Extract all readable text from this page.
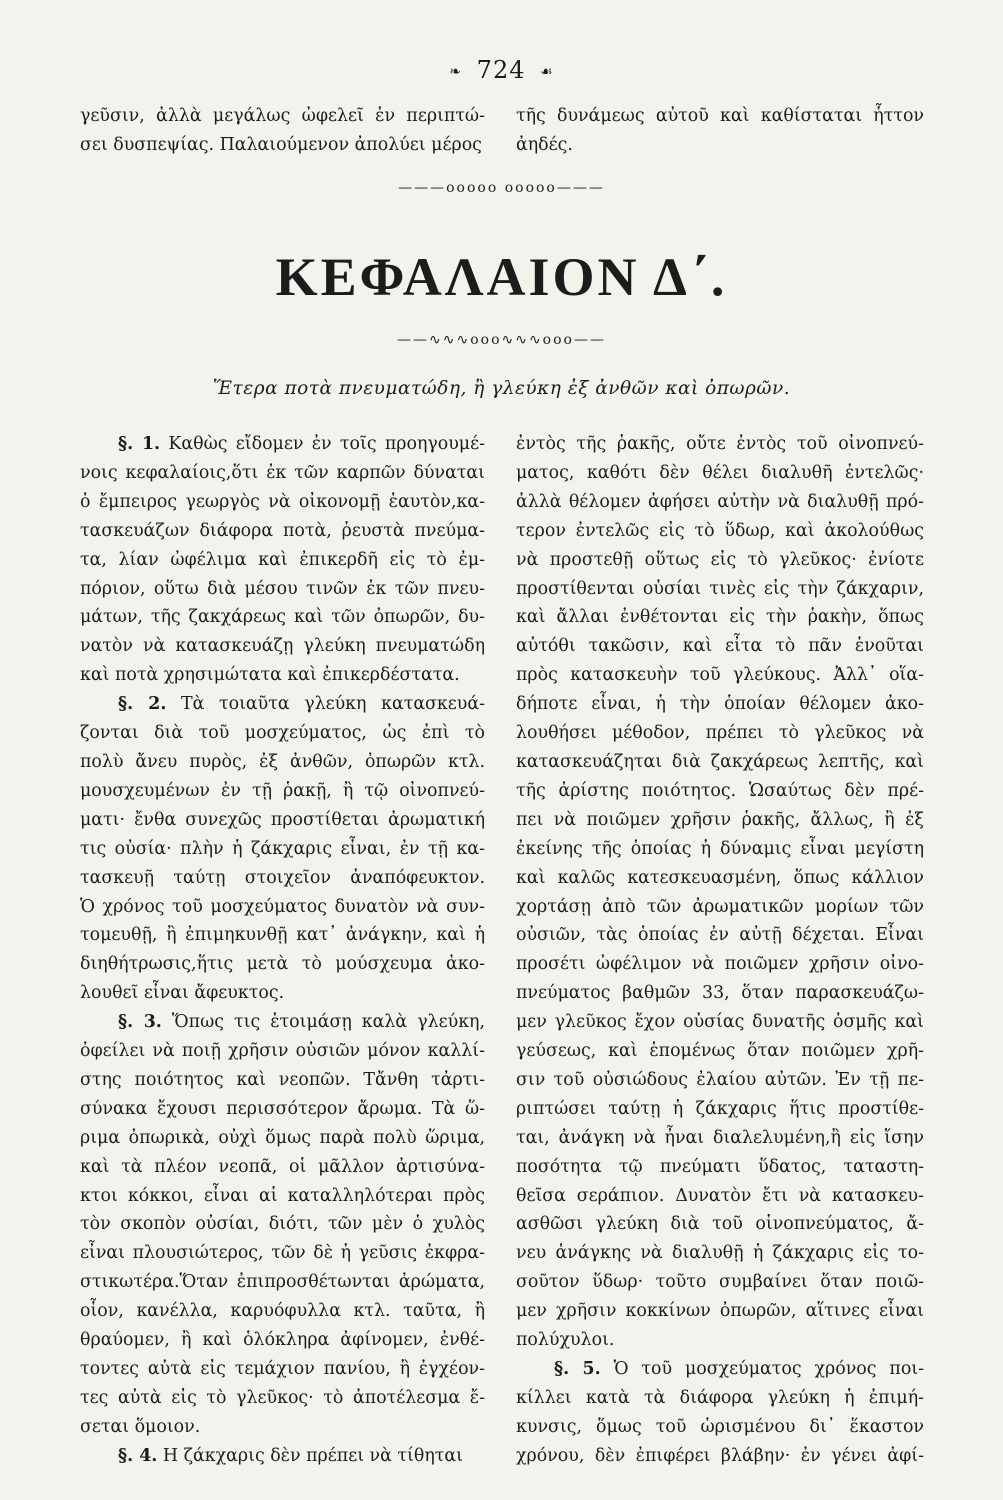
❧ 724 ☙
γεῦσιν, ἀλλὰ μεγάλως ὠφελεῖ ἐν περιπτώ-
σει δυσπεψίας. Παλαιούμενον ἀπολύει μέρος
τῆς δυνάμεως αὐτοῦ καὶ καθίσταται ἧττον
ἀηδές.
———ooooo ooooo———
ΚΕΦΑΛΑΙΟΝ Δ΄.
——∿∿∿ooo∿∿∿ooo——
Ἕτερα ποτὰ πνευματώδη, ἢ γλεύκη ἐξ ἀνθῶν καὶ ὀπωρῶν.
§. 1. Καθὼς εἴδομεν ἐν τοῖς προηγουμέ-
νοις κεφαλαίοις,ὅτι ἐκ τῶν καρπῶν δύναται
ὁ ἔμπειρος γεωργὸς νὰ οἰκονομῇ ἑαυτὸν,κα-
τασκευάζων διάφορα ποτὰ, ῥευστὰ πνεύμα-
τα, λίαν ὠφέλιμα καὶ ἐπικερδῆ εἰς τὸ ἐμ-
πόριον, οὕτω διὰ μέσου τινῶν ἐκ τῶν πνευ-
μάτων, τῆς ζακχάρεως καὶ τῶν ὀπωρῶν, δυ-
νατὸν νὰ κατασκευάζῃ γλεύκη πνευματώδη
καὶ ποτὰ χρησιμώτατα καὶ ἐπικερδέστατα.
§. 2. Τὰ τοιαῦτα γλεύκη κατασκευά-
ζονται διὰ τοῦ μοσχεύματος, ὡς ἐπὶ τὸ
πολὺ ἄνευ πυρὸς, ἐξ ἀνθῶν, ὀπωρῶν κτλ.
μουσχευμένων ἐν τῇ ῥακῇ, ἢ τῷ οἰνοπνεύ-
ματι· ἔνθα συνεχῶς προστίθεται ἀρωματική
τις οὐσία· πλὴν ἡ ζάκχαρις εἶναι, ἐν τῇ κα-
τασκευῇ ταύτῃ στοιχεῖον ἀναπόφευκτον.
Ὁ χρόνος τοῦ μοσχεύματος δυνατὸν νὰ συν-
τομευθῇ, ἢ ἐπιμηκυνθῇ κατ᾽ ἀνάγκην, καὶ ἡ
διηθήτρωσις,ἥτις μετὰ τὸ μούσχευμα ἀκο-
λουθεῖ εἶναι ἄφευκτος.
§. 3. Ὅπως τις ἑτοιμάσῃ καλὰ γλεύκη,
ὀφείλει νὰ ποιῇ χρῆσιν οὐσιῶν μόνον καλλί-
στης ποιότητος καὶ νεοπῶν. Τἄνθη τἀρτι-
σύνακα ἔχουσι περισσότερον ἄρωμα. Τὰ ὥ-
ριμα ὀπωρικὰ, οὐχὶ ὅμως παρὰ πολὺ ὥριμα,
καὶ τὰ πλέον νεοπᾶ, οἱ μᾶλλον ἀρτισύνα-
κτοι κόκκοι, εἶναι αἱ καταλληλότεραι πρὸς
τὸν σκοπὸν οὐσίαι, διότι, τῶν μὲν ὁ χυλὸς
εἶναι πλουσιώτερος, τῶν δὲ ἡ γεῦσις ἐκφρα-
στικωτέρα.Ὅταν ἐπιπροσθέτωνται ἀρώματα,
οἷον, κανέλλα, καρυόφυλλα κτλ. ταῦτα, ἢ
θραύομεν, ἢ καὶ ὁλόκληρα ἀφίνομεν, ἐνθέ-
τοντες αὐτὰ εἰς τεμάχιον πανίου, ἢ ἐγχέον-
τες αὐτὰ εἰς τὸ γλεῦκος· τὸ ἀποτέλεσμα ἔ-
σεται ὅμοιον.
§. 4. Η ζάκχαρις δὲν πρέπει νὰ τίθηται
ἐντὸς τῆς ῥακῆς, οὔτε ἐντὸς τοῦ οἰνοπνεύ-
ματος, καθότι δὲν θέλει διαλυθῆ ἐντελῶς·
ἀλλὰ θέλομεν ἀφήσει αὐτὴν νὰ διαλυθῇ πρό-
τερον ἐντελῶς εἰς τὸ ὕδωρ, καὶ ἀκολούθως
νὰ προστεθῇ οὕτως εἰς τὸ γλεῦκος· ἐνίοτε
προστίθενται οὐσίαι τινὲς εἰς τὴν ζάκχαριν,
καὶ ἄλλαι ἐνθέτονται εἰς τὴν ῥακὴν, ὅπως
αὐτόθι τακῶσιν, καὶ εἶτα τὸ πᾶν ἑνοῦται
πρὸς κατασκευὴν τοῦ γλεύκους. Ἀλλ᾽ οἵα-
δήποτε εἶναι, ἡ τὴν ὁποίαν θέλομεν ἀκο-
λουθήσει μέθοδον, πρέπει τὸ γλεῦκος νὰ
κατασκευάζηται διὰ ζακχάρεως λεπτῆς, καὶ
τῆς ἀρίστης ποιότητος. Ὡσαύτως δὲν πρέ-
πει νὰ ποιῶμεν χρῆσιν ῥακῆς, ἄλλως, ἢ ἐξ
ἐκείνης τῆς ὁποίας ἡ δύναμις εἶναι μεγίστη
καὶ καλῶς κατεσκευασμένη, ὅπως κάλλιον
χορτάσῃ ἀπὸ τῶν ἀρωματικῶν μορίων τῶν
οὐσιῶν, τὰς ὁποίας ἐν αὐτῇ δέχεται. Εἶναι
προσέτι ὠφέλιμον νὰ ποιῶμεν χρῆσιν οἰνο-
πνεύματος βαθμῶν 33, ὅταν παρασκευάζω-
μεν γλεῦκος ἔχον οὐσίας δυνατῆς ὀσμῆς καὶ
γεύσεως, καὶ ἑπομένως ὅταν ποιῶμεν χρῆ-
σιν τοῦ οὐσιώδους ἐλαίου αὐτῶν. Ἐν τῇ πε-
ριπτώσει ταύτῃ ἡ ζάκχαρις ἥτις προστίθε-
ται, ἀνάγκη νὰ ἦναι διαλελυμένη,ἢ εἰς ἴσην
ποσότητα τῷ πνεύματι ὕδατος, ταταστη-
θεῖσα σεράπιον. Δυνατὸν ἔτι νὰ κατασκευ-
ασθῶσι γλεύκη διὰ τοῦ οἰνοπνεύματος, ἄ-
νευ ἀνάγκης νὰ διαλυθῇ ἡ ζάκχαρις εἰς το-
σοῦτον ὕδωρ· τοῦτο συμβαίνει ὅταν ποιῶ-
μεν χρῆσιν κοκκίνων ὀπωρῶν, αἵτινες εἶναι
πολύχυλοι.
§. 5. Ὁ τοῦ μοσχεύματος χρόνος ποι-
κίλλει κατὰ τὰ διάφορα γλεύκη ἡ ἐπιμή-
κυνσις, ὅμως τοῦ ὡρισμένου δι᾽ ἕκαστον
χρόνου, δὲν ἐπιφέρει βλάβην· ἐν γένει ἀφί-
